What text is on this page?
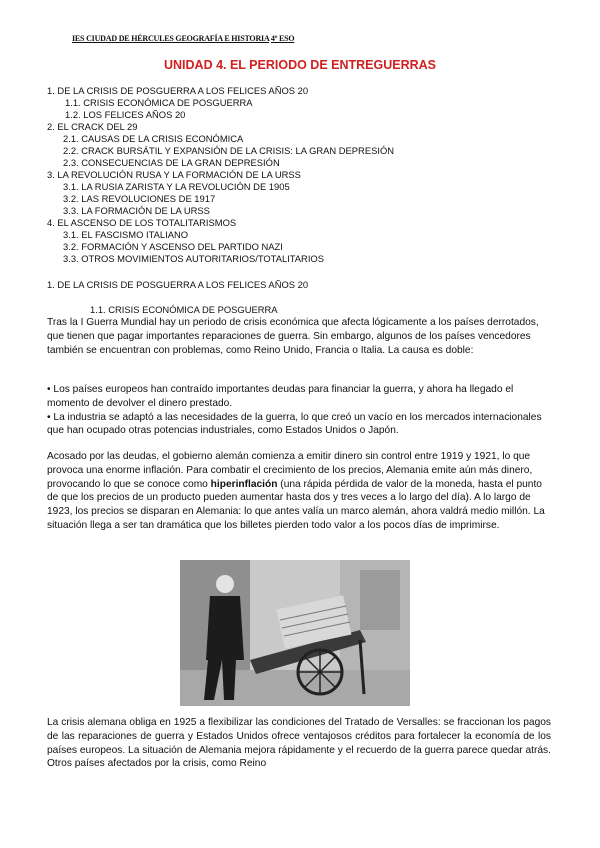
IES CIUDAD DE HÉRCULES GEOGRAFÍA E HISTORIA 4º ESO
UNIDAD 4. EL PERIODO DE ENTREGUERRAS
1. DE LA CRISIS DE POSGUERRA A LOS FELICES AÑOS 20
1.1. CRISIS ECONÓMICA DE POSGUERRA
1.2. LOS FELICES AÑOS 20
2. EL CRACK DEL 29
2.1. CAUSAS DE LA CRISIS ECONÓMICA
2.2. CRACK BURSÁTIL Y EXPANSIÓN DE LA CRISIS: LA GRAN DEPRESIÓN
2.3. CONSECUENCIAS DE LA GRAN DEPRESIÓN
3. LA REVOLUCIÓN RUSA Y LA FORMACIÓN DE LA URSS
3.1. LA RUSIA ZARISTA Y LA REVOLUCIÓN DE 1905
3.2. LAS REVOLUCIONES DE 1917
3.3. LA FORMACIÓN DE LA URSS
4. EL ASCENSO DE LOS TOTALITARISMOS
3.1. EL FASCISMO ITALIANO
3.2. FORMACIÓN Y ASCENSO DEL PARTIDO NAZI
3.3. OTROS MOVIMIENTOS AUTORITARIOS/TOTALITARIOS
1. DE LA CRISIS DE POSGUERRA A LOS FELICES AÑOS 20
1.1. CRISIS ECONÓMICA DE POSGUERRA
Tras la I Guerra Mundial hay un periodo de crisis económica que afecta lógicamente a los países derrotados, que tienen que pagar importantes reparaciones de guerra. Sin embargo, algunos de los países vencedores también se encuentran con problemas, como Reino Unido, Francia o Italia. La causa es doble:
• Los países europeos han contraído importantes deudas para financiar la guerra, y ahora ha llegado el momento de devolver el dinero prestado.
• La industria se adaptó a las necesidades de la guerra, lo que creó un vacío en los mercados internacionales que han ocupado otras potencias industriales, como Estados Unidos o Japón.
Acosado por las deudas, el gobierno alemán comienza a emitir dinero sin control entre 1919 y 1921, lo que provoca una enorme inflación. Para combatir el crecimiento de los precios, Alemania emite aún más dinero, provocando lo que se conoce como hiperinflación (una rápida pérdida de valor de la moneda, hasta el punto de que los precios de un producto pueden aumentar hasta dos y tres veces a lo largo del día). A lo largo de 1923, los precios se disparan en Alemania: lo que antes valía un marco alemán, ahora valdrá medio millón. La situación llega a ser tan dramática que los billetes pierden todo valor a los pocos días de imprimirse.
La crisis alemana obliga en 1925 a flexibilizar las condiciones del Tratado de Versalles: se fraccionan los pagos de las reparaciones de guerra y Estados Unidos ofrece ventajosos créditos para fortalecer la economía de los países europeos. La situación de Alemania mejora rápidamente y el recuerdo de la guerra parece quedar atrás. Otros países afectados por la crisis, como Reino
